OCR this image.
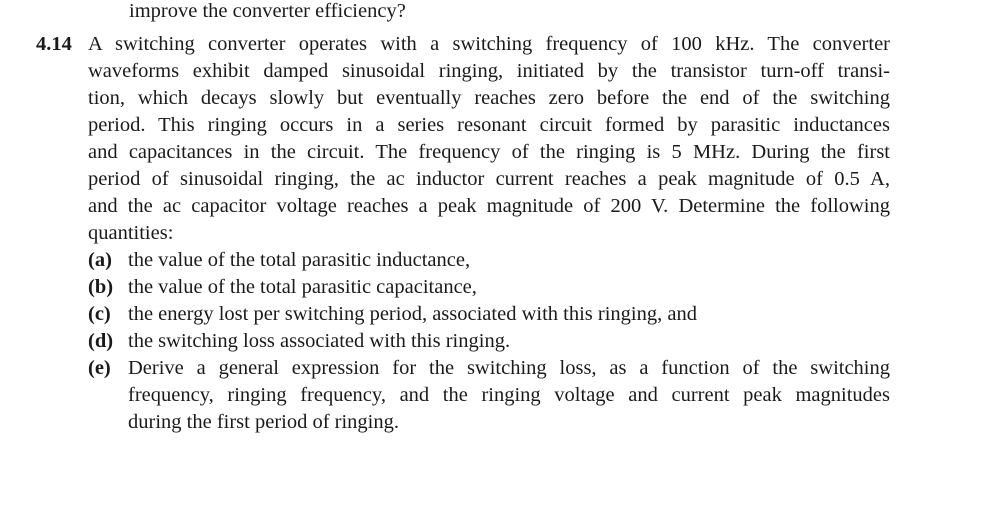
improve the converter efficiency?
4.14 A switching converter operates with a switching frequency of 100 kHz. The converter
waveforms exhibit damped sinusoidal ringing, initiated by the transistor turn-off transi-
tion, which decays slowly but eventually reaches zero before the end of the switching
period. This ringing occurs in a series resonant circuit formed by parasitic inductances
and capacitances in the circuit. The frequency of the ringing is 5 MHz. During the first
period of sinusoidal ringing, the ac inductor current reaches a peak magnitude of 0.5 A,
and the ac capacitor voltage reaches a peak magnitude of 200 V. Determine the following
quantities:
(a) the value of the total parasitic inductance,
(b) the value of the total parasitic capacitance,
(c) the energy lost per switching period, associated with this ringing, and
(d) the switching loss associated with this ringing.
(e) Derive a general expression for the switching loss, as a function of the switching
frequency, ringing frequency, and the ringing voltage and current peak magnitudes
during the first period of ringing.
